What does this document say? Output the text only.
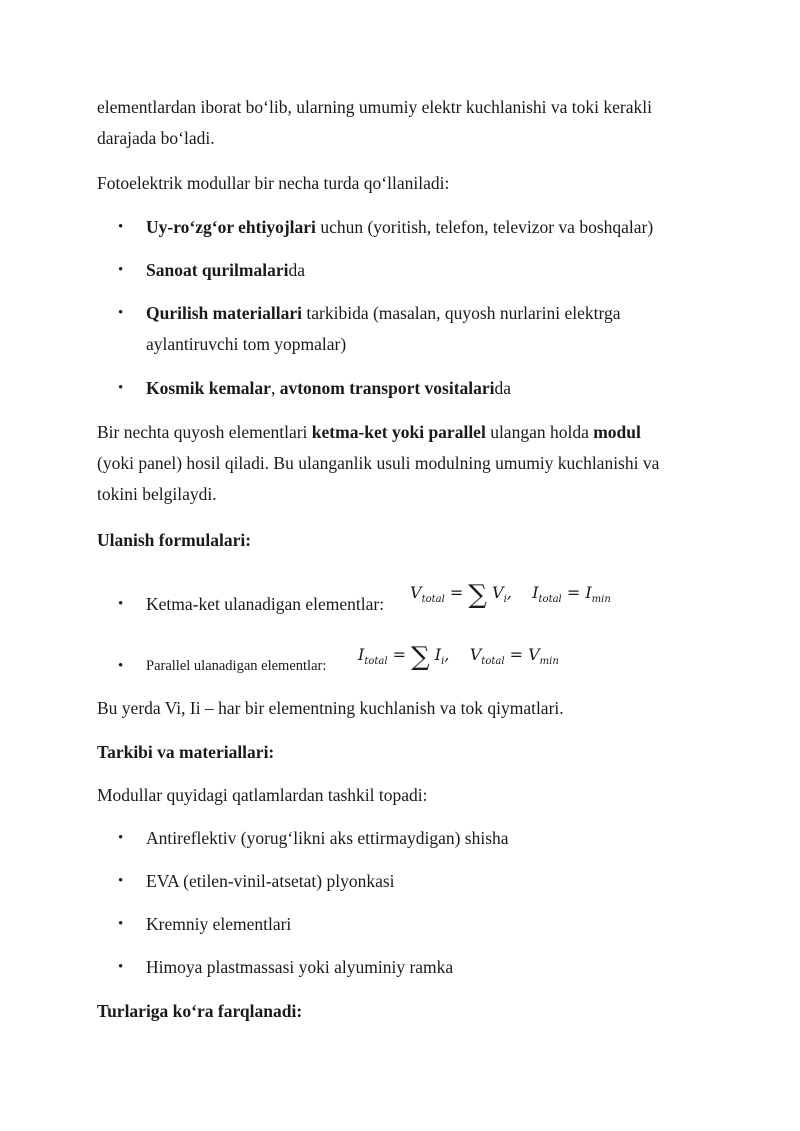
elementlardan iborat bo‘lib, ularning umumiy elektr kuchlanishi va toki kerakli
darajada bo‘ladi.

Fotoelektrik modullar bir necha turda qo‘llaniladi:

• Uy-ro‘zg‘or ehtiyojlari uchun (yoritish, telefon, televizor va boshqalar)
• Sanoat qurilmalarida
• Qurilish materiallari tarkibida (masalan, quyosh nurlarini elektrga
aylantiruvchi tom yopmalar)
• Kosmik kemalar, avtonom transport vositalarida

Bir nechta quyosh elementlari ketma-ket yoki parallel ulangan holda modul
(yoki panel) hosil qiladi. Bu ulanganlik usuli modulning umumiy kuchlanishi va
tokini belgilaydi.

Ulanish formulalari:

• Ketma-ket ulanadigan elementlar:
$V_{total}$ = ∑ $V_i$,    $I_{total} = I_{min}$
• Parallel ulanadigan elementlar:
$I_{total}$ = ∑ $I_i$,    $V_{total} = V_{min}$

Bu yerda Vi, Ii – har bir elementning kuchlanish va tok qiymatlari.

Tarkibi va materiallari:

Modullar quyidagi qatlamlardan tashkil topadi:

• Antireflektiv (yorug‘likni aks ettirmaydigan) shisha
• EVA (etilen-vinil-atsetat) plyonkasi
• Kremniy elementlari
• Himoya plastmassasi yoki alyuminiy ramka

Turlariga ko‘ra farqlanadi:
